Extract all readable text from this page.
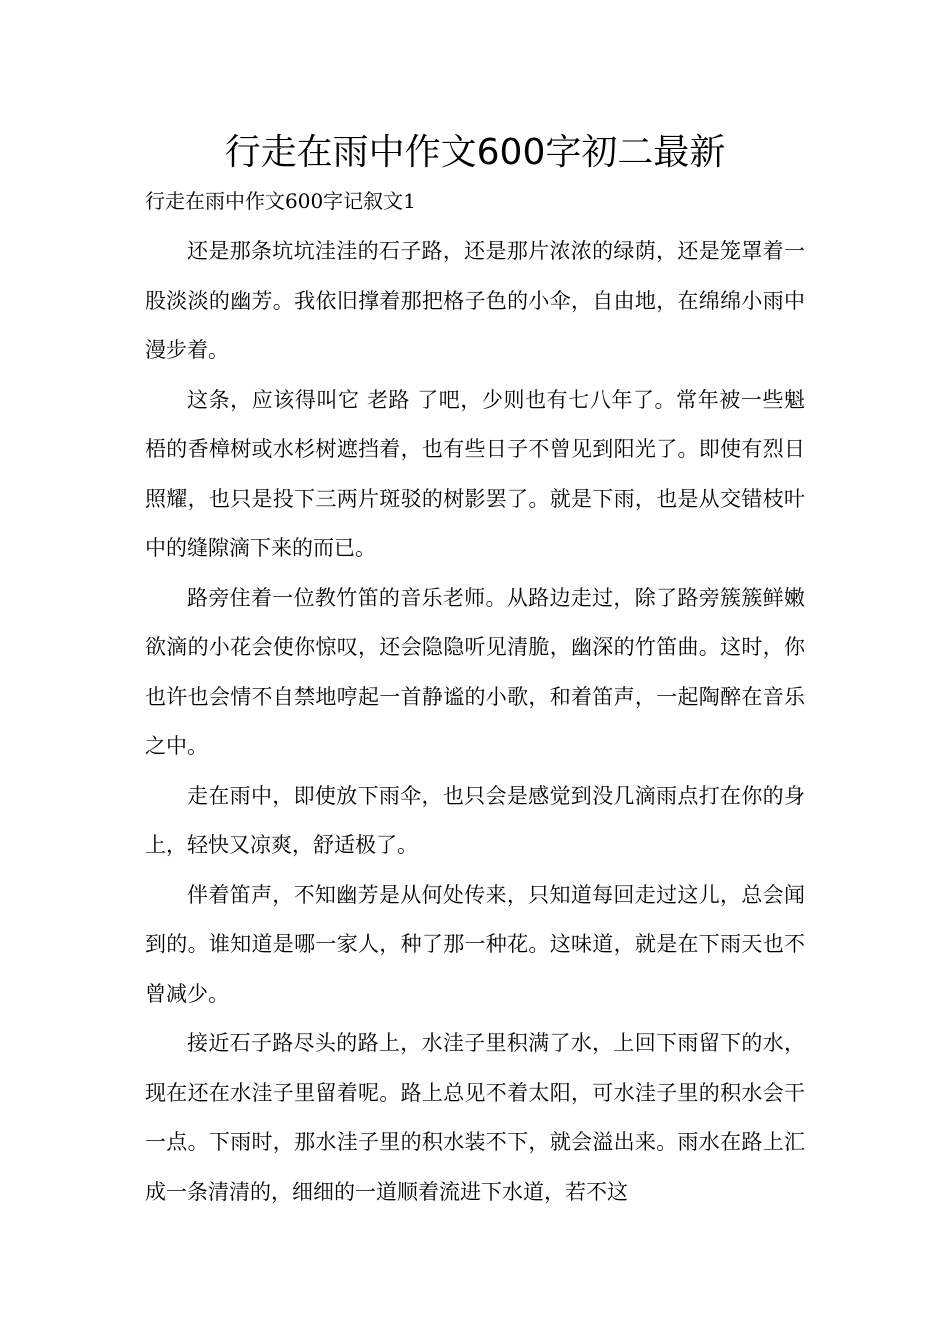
行走在雨中作文600字初二最新
行走在雨中作文600字记叙文1

还是那条坑坑洼洼的石子路，还是那片浓浓的绿荫，还是笼罩着一股淡淡的幽芳。我依旧撑着那把格子色的小伞，自由地，在绵绵小雨中漫步着。

这条，应该得叫它 老路 了吧，少则也有七八年了。常年被一些魁梧的香樟树或水杉树遮挡着，也有些日子不曾见到阳光了。即使有烈日照耀，也只是投下三两片斑驳的树影罢了。就是下雨，也是从交错枝叶中的缝隙滴下来的而已。

路旁住着一位教竹笛的音乐老师。从路边走过，除了路旁簇簇鲜嫩欲滴的小花会使你惊叹，还会隐隐听见清脆，幽深的竹笛曲。这时，你也许也会情不自禁地哼起一首静谧的小歌，和着笛声，一起陶醉在音乐之中。

走在雨中，即使放下雨伞，也只会是感觉到没几滴雨点打在你的身上，轻快又凉爽，舒适极了。

伴着笛声，不知幽芳是从何处传来，只知道每回走过这儿，总会闻到的。谁知道是哪一家人，种了那一种花。这味道，就是在下雨天也不曾减少。

接近石子路尽头的路上，水洼子里积满了水，上回下雨留下的水，现在还在水洼子里留着呢。路上总见不着太阳，可水洼子里的积水会干一点。下雨时，那水洼子里的积水装不下，就会溢出来。雨水在路上汇成一条清清的，细细的一道顺着流进下水道，若不这
